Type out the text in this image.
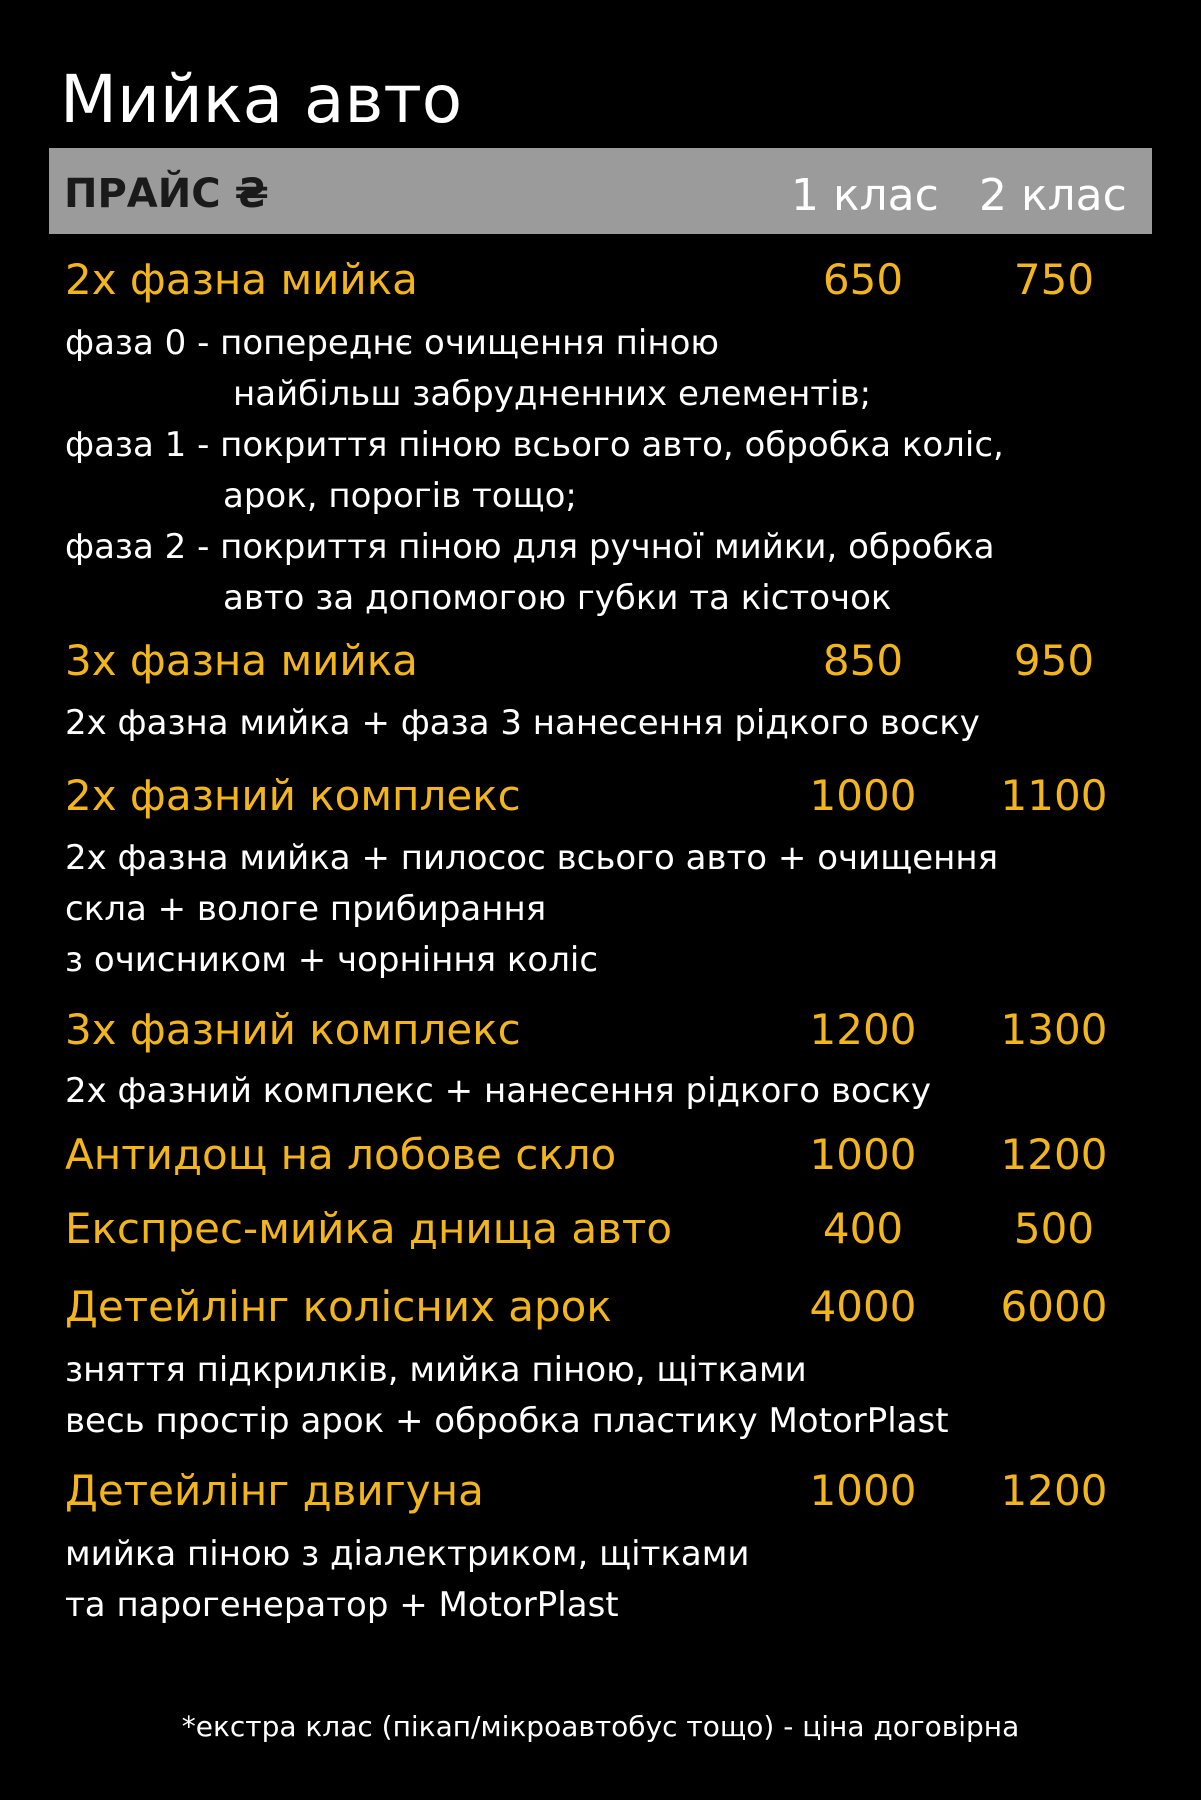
Мийка авто
ПРАЙС ₴	1 клас 2 клас
2х фазна мийка	650	750
фаза 0 - попереднє очищення піною
найбільш забрудненних елементів;
фаза 1 - покриття піною всього авто, обробка коліс,
арок, порогів тощо;
фаза 2 - покриття піною для ручної мийки, обробка
авто за допомогою губки та кісточок
3х фазна мийка	850	950
2х фазна мийка + фаза 3 нанесення рідкого воску
2х фазний комплекс	1000	1100
2х фазна мийка + пилосос всього авто + очищення
скла + вологе прибирання
з очисником + чорніння коліс
3х фазний комплекс	1200	1300
2х фазний комплекс + нанесення рідкого воску
Антидощ на лобове скло	1000	1200
Експрес-мийка днища авто	400	500
Детейлінг колісних арок	4000	6000
зняття підкрилків, мийка піною, щітками
весь простір арок + обробка пластику MotorPlast
Детейлінг двигуна	1000	1200
мийка піною з діалектриком, щітками
та парогенератор + MotorPlast
*екстра клас (пікап/мікроавтобус тощо) - ціна договірна
